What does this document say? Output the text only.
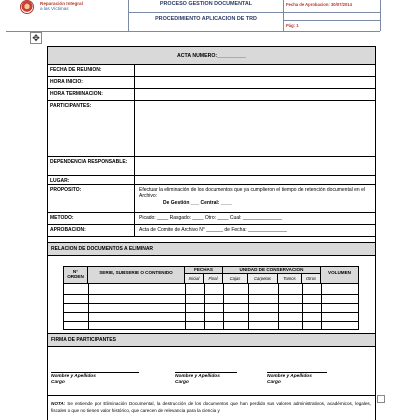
Reparación Integral
a las Víctimas
PROCESO GESTION DOCUMENTAL
PROCEDIMIENTO APLICACION DE TRD
Fecha de Aprobacion: 30/07/2014
Pág: 1
✥
ACTA NUMERO:__________
FECHA DE REUNION:
HORA INICIO:
HORA TERMINACION:
PARTICIPANTES:
DEPENDENCIA RESPONSABLE:
LUGAR:
PROPOSITO:	Efectuar la eliminación de los documentos que ya cumplieron el tiempo de retención documental en el Archivo:
De Gestión ___ Central: ____
METODO:	Picado: ____ Rasgado: ____ Otro: ____ Cual: ______________
APROBACION:	Acta de Comite de Archivo N° ______ de Fecha: ______________
RELACION DE DOCUMENTOS A ELIMINAR
N° ORDEN
SERIE, SUBSERIE O CONTENIDO
FECHAS
Inicial	Final
UNIDAD DE CONSERVACION
Cajas	Carpetas	Tomos	Otros
VOLUMEN
FIRMA DE PARTICIPANTES
Nombre y Apellidos
Cargo
Nombre y Apellidos
Cargo
Nombre y Apellidos
Cargo
NOTA: Se entiende por Eliminación Documental, la destrucción de los documentos que han perdido sus valores administrativos, académicos, legales, fiscales o que no tienen valor histórico, que carecen de relevancia para la ciencia y
